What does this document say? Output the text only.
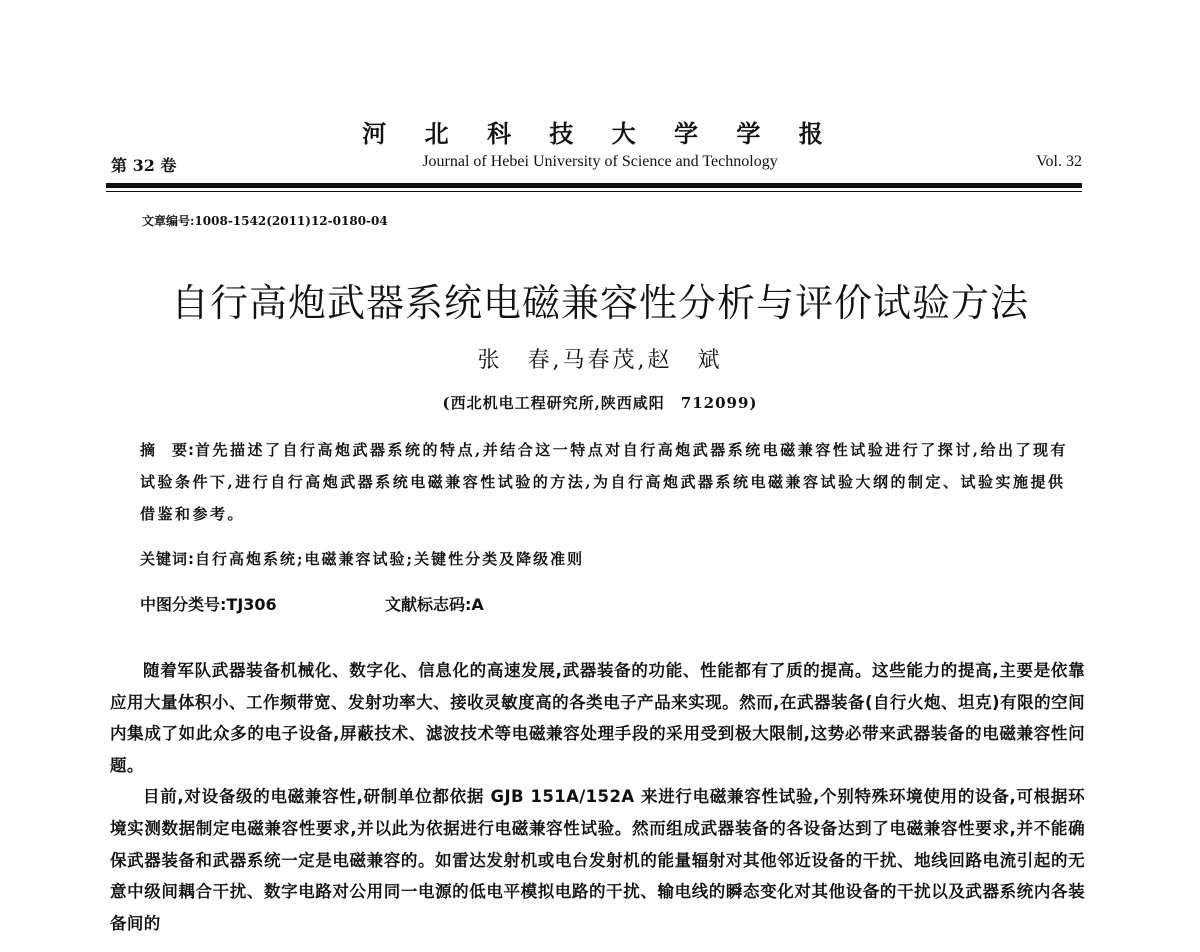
河 北 科 技 大 学 学 报
第 32 卷	Journal of Hebei University of Science and Technology	Vol. 32
文章编号:1008-1542(2011)12-0180-04
自行高炮武器系统电磁兼容性分析与评价试验方法
张　春,马春茂,赵　斌
(西北机电工程研究所,陕西咸阳　712099)
摘　要:首先描述了自行高炮武器系统的特点,并结合这一特点对自行高炮武器系统电磁兼容性试验进行了探讨,给出了现有试验条件下,进行自行高炮武器系统电磁兼容性试验的方法,为自行高炮武器系统电磁兼容试验大纲的制定、试验实施提供借鉴和参考。
关键词:自行高炮系统;电磁兼容试验;关键性分类及降级准则
中图分类号:TJ306	文献标志码:A

随着军队武器装备机械化、数字化、信息化的高速发展,武器装备的功能、性能都有了质的提高。这些能力的提高,主要是依靠应用大量体积小、工作频带宽、发射功率大、接收灵敏度高的各类电子产品来实现。然而,在武器装备(自行火炮、坦克)有限的空间内集成了如此众多的电子设备,屏蔽技术、滤波技术等电磁兼容处理手段的采用受到极大限制,这势必带来武器装备的电磁兼容性问题。

目前,对设备级的电磁兼容性,研制单位都依据 GJB 151A/152A 来进行电磁兼容性试验,个别特殊环境使用的设备,可根据环境实测数据制定电磁兼容性要求,并以此为依据进行电磁兼容性试验。然而组成武器装备的各设备达到了电磁兼容性要求,并不能确保武器装备和武器系统一定是电磁兼容的。如雷达发射机或电台发射机的能量辐射对其他邻近设备的干扰、地线回路电流引起的无意中级间耦合干扰、数字电路对公用同一电源的低电平模拟电路的干扰、输电线的瞬态变化对其他设备的干扰以及武器系统内各装备间的
